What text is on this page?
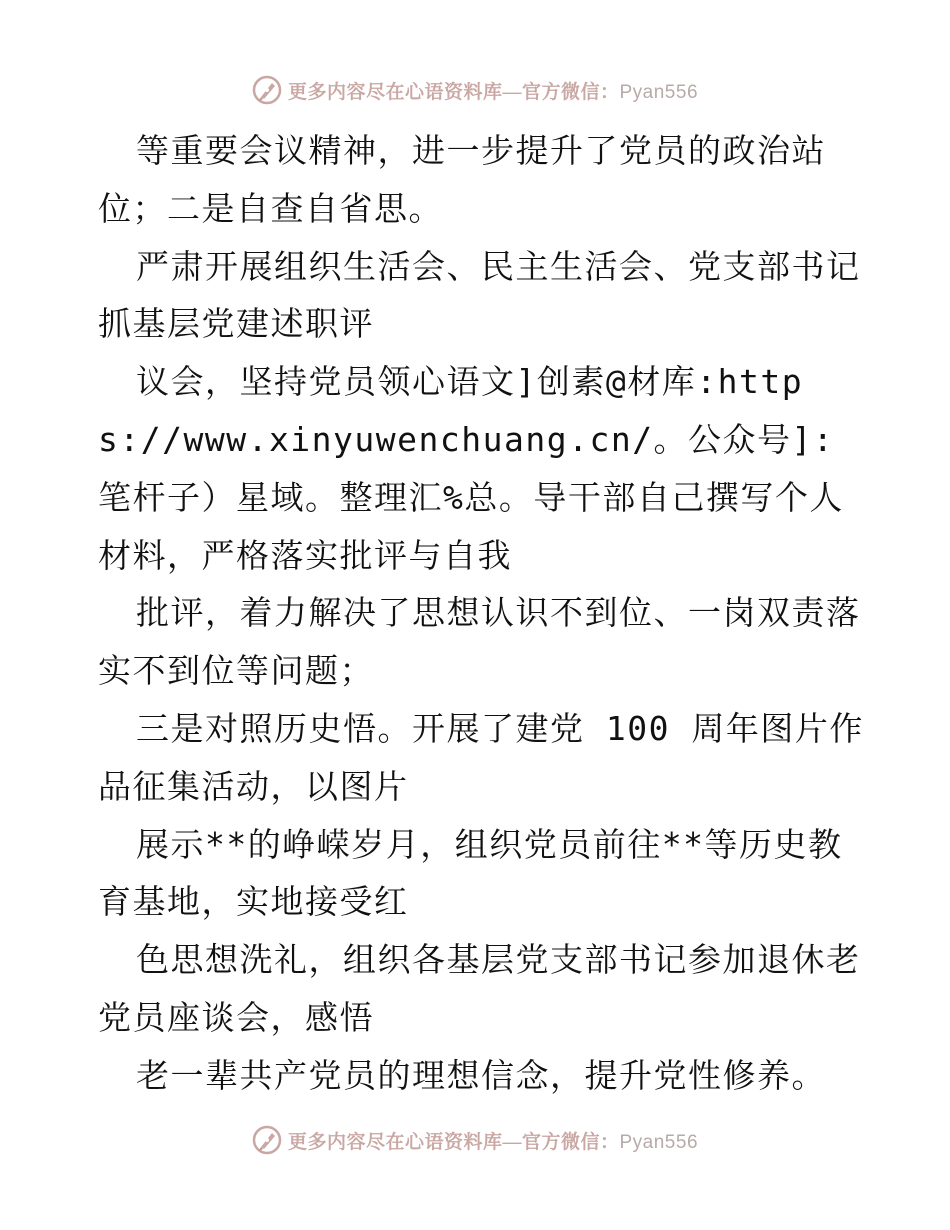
更多内容尽在心语资料库—官方微信：Pyan556

等重要会议精神，进一步提升了党员的政治站位；二是自查自省思。

严肃开展组织生活会、民主生活会、党支部书记抓基层党建述职评

议会，坚持党员领心语文]创素@材库:https://www.xinyuwenchuang.cn/。公众号]: 笔杆子）星域。整理汇%总。导干部自己撰写个人材料，严格落实批评与自我

批评，着力解决了思想认识不到位、一岗双责落实不到位等问题；

三是对照历史悟。开展了建党 100 周年图片作品征集活动，以图片

展示**的峥嵘岁月，组织党员前往**等历史教育基地，实地接受红

色思想洗礼，组织各基层党支部书记参加退休老党员座谈会，感悟

老一辈共产党员的理想信念，提升党性修养。

更多内容尽在心语资料库—官方微信：Pyan556
